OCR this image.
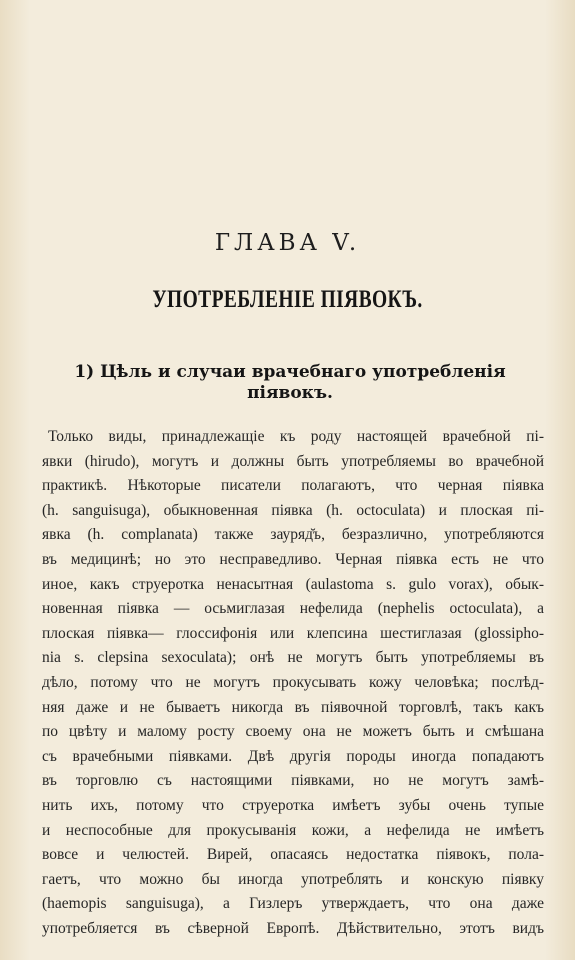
ГЛАВА V.
УПОТРЕБЛЕНІЕ ПІЯВОКЪ.
1) Цѣль и случаи врачебнаго употребленія
піявокъ.
Только виды, принадлежащіе къ роду настоящей врачебной пі-
явки (hirudo), могутъ и должны быть употребляемы во врачебной
практикѣ. Нѣкоторые писатели полагаютъ, что черная піявка
(h. sanguisuga), обыкновенная піявка (h. octoculata) и плоская пі-
явка (h. complanata) также зауряд̆ъ, безразлично, употребляются
въ медицинѣ; но это несправедливо. Черная піявка есть не что
иное, какъ струеротка ненасытная (aulastoma s. gulo vorax), обык-
новенная піявка — осьмиглазая нефелида (nephelis octoculata), а
плоская піявка— глоссифонія или клепсина шестиглазая (glossipho-
nia s. clepsina sexoculata); онѣ не могутъ быть употребляемы въ
дѣло, потому что не могутъ прокусывать кожу человѣка; послѣд-
няя даже и не бываетъ никогда въ піявочной торговлѣ, такъ какъ
по цвѣту и малому росту своему она не можетъ быть и смѣшана
съ врачебными піявками. Двѣ другія породы иногда попадаютъ
въ торговлю съ настоящими піявками, но не могутъ замѣ-
нить ихъ, потому что струеротка имѣетъ зубы очень тупые
и неспособные для прокусыванія кожи, а нефелида не имѣетъ
вовсе и челюстей. Вирей, опасаясь недостатка піявокъ, пола-
гаетъ, что можно бы иногда употреблять и конскую піявку
(haemopis sanguisuga), а Гизлеръ утверждаетъ, что она даже
употребляется въ сѣверной Европѣ. Дѣйствительно, этотъ видъ
